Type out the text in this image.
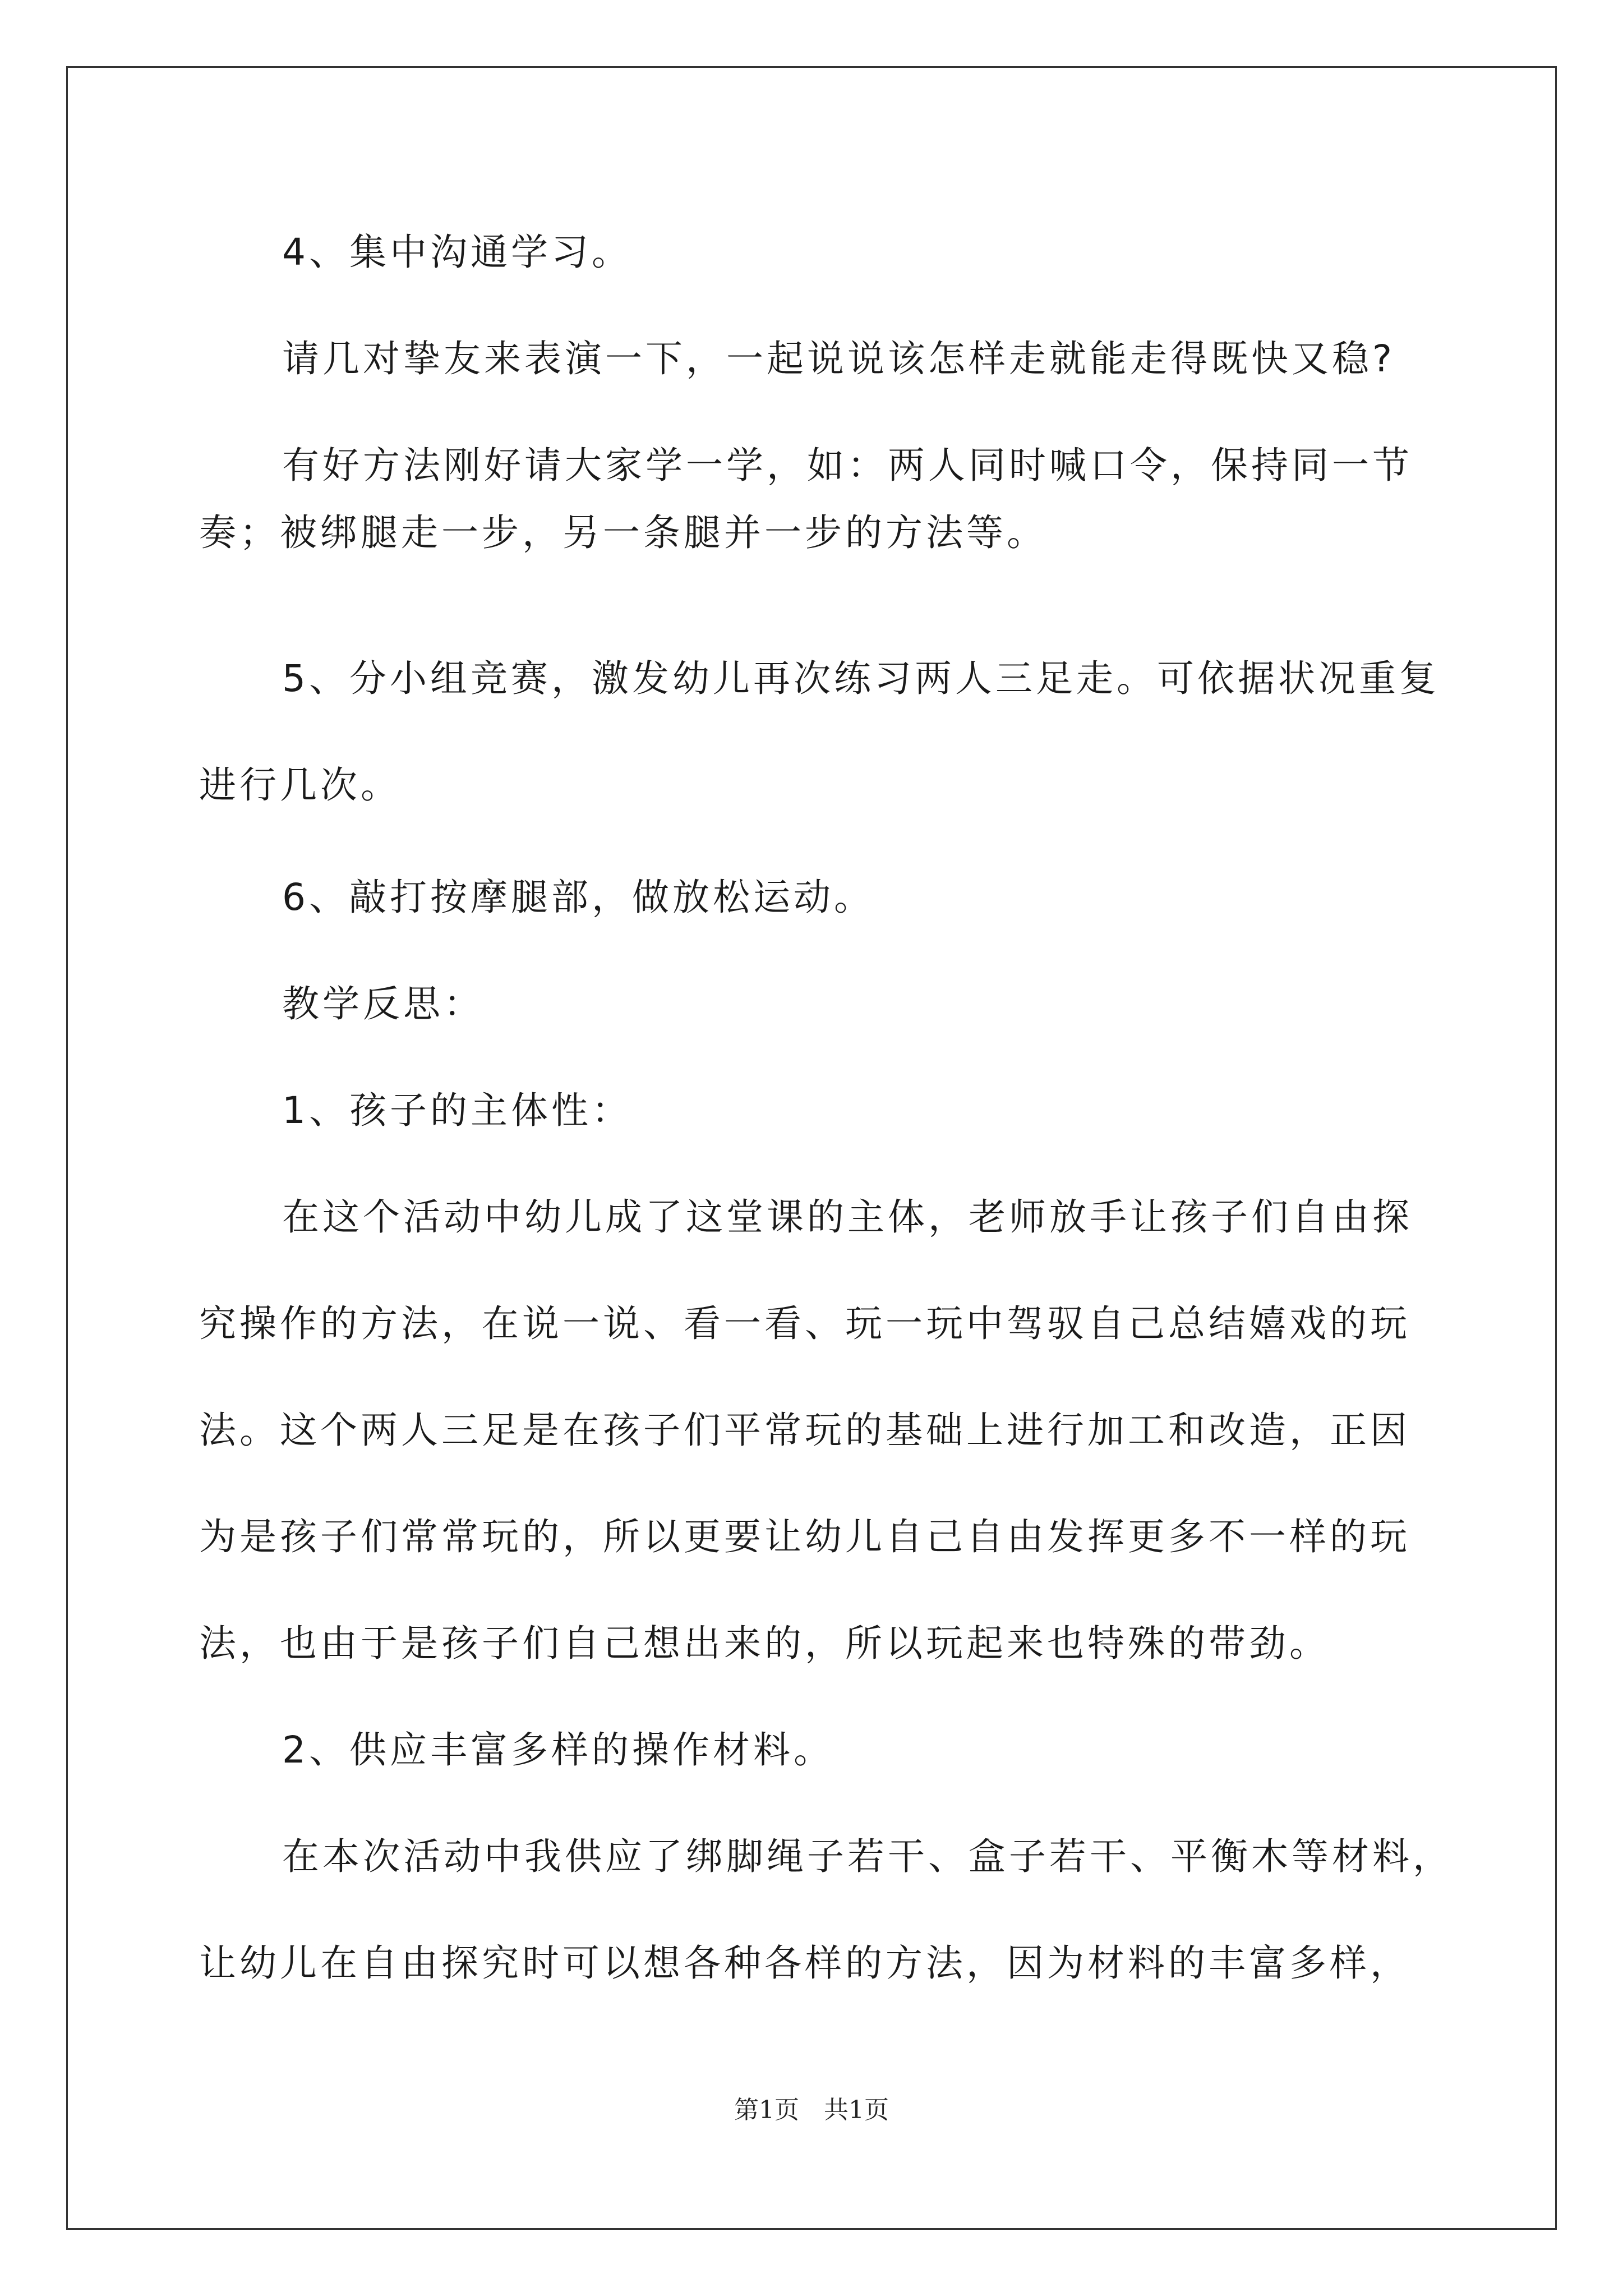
4、集中沟通学习。
请几对挚友来表演一下，一起说说该怎样走就能走得既快又稳?
有好方法刚好请大家学一学，如：两人同时喊口令，保持同一节
奏；被绑腿走一步，另一条腿并一步的方法等。
5、分小组竞赛，激发幼儿再次练习两人三足走。可依据状况重复
进行几次。
6、敲打按摩腿部，做放松运动。
教学反思：
1、孩子的主体性：
在这个活动中幼儿成了这堂课的主体，老师放手让孩子们自由探
究操作的方法，在说一说、看一看、玩一玩中驾驭自己总结嬉戏的玩
法。这个两人三足是在孩子们平常玩的基础上进行加工和改造，正因
为是孩子们常常玩的，所以更要让幼儿自己自由发挥更多不一样的玩
法，也由于是孩子们自己想出来的，所以玩起来也特殊的带劲。
2、供应丰富多样的操作材料。
在本次活动中我供应了绑脚绳子若干、盒子若干、平衡木等材料，
让幼儿在自由探究时可以想各种各样的方法，因为材料的丰富多样，
第1页　共1页
